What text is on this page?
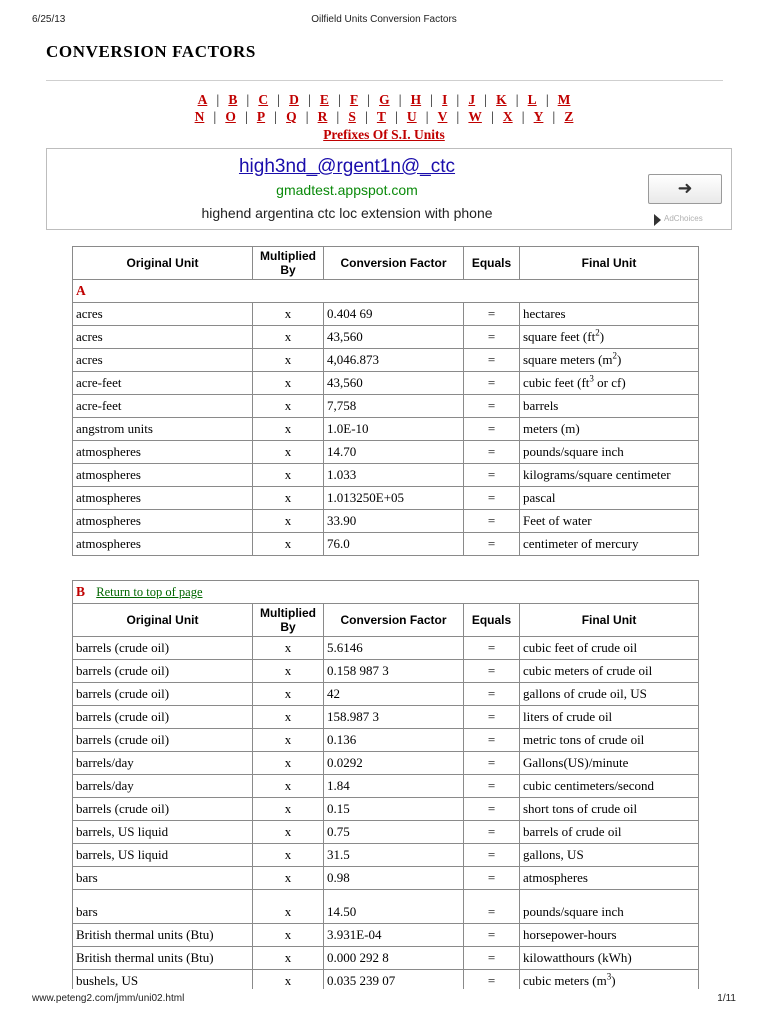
6/25/13	Oilfield Units Conversion Factors
CONVERSION FACTORS
A | B | C | D | E | F | G | H | I | J | K | L | M
N | O | P | Q | R | S | T | U | V | W | X | Y | Z
Prefixes Of S.I. Units
high3nd_@rgent1n@_ctc
gmadtest.appspot.com
highend argentina ctc loc extension with phone
➜
AdChoices
Original Unit	Multiplied By	Conversion Factor	Equals	Final Unit
A				
acres	x	0.404 69	=	hectares
acres	x	43,560	=	square feet $(ft^2)$
acres	x	4,046.873	=	square meters $(m^2)$
acre-feet	x	43,560	=	cubic feet ($ft^3$ or cf)
acre-feet	x	7,758	=	barrels
angstrom units	x	1.0E-10	=	meters (m)
atmospheres	x	14.70	=	pounds/square inch
atmospheres	x	1.033	=	kilograms/square centimeter
atmospheres	x	1.013250E+05	=	pascal
atmospheres	x	33.90	=	Feet of water
atmospheres	x	76.0	=	centimeter of mercury
B Return to top of page				
Original Unit	Multiplied By	Conversion Factor	Equals	Final Unit
barrels (crude oil)	x	5.6146	=	cubic feet of crude oil
barrels (crude oil)	x	0.158 987 3	=	cubic meters of crude oil
barrels (crude oil)	x	42	=	gallons of crude oil, US
barrels (crude oil)	x	158.987 3	=	liters of crude oil
barrels (crude oil)	x	0.136	=	metric tons of crude oil
barrels/day	x	0.0292	=	Gallons(US)/minute
barrels/day	x	1.84	=	cubic centimeters/second
barrels (crude oil)	x	0.15	=	short tons of crude oil
barrels, US liquid	x	0.75	=	barrels of crude oil
barrels, US liquid	x	31.5	=	gallons, US
bars	x	0.98	=	atmospheres
bars	x	14.50	=	pounds/square inch
British thermal units (Btu)	x	3.931E-04	=	horsepower-hours
British thermal units (Btu)	x	0.000 292 8	=	kilowatthours (kWh)
bushels, US	x	0.035 239 07	=	cubic meters $(m^3)$
www.peteng2.com/jmm/uni02.html	1/11
